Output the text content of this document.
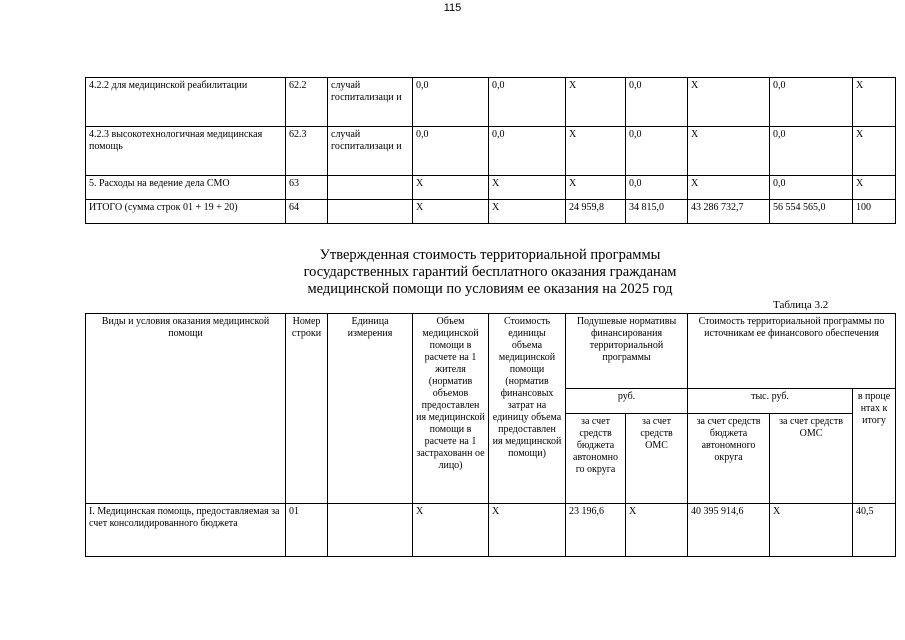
115
4.2.2 для медицинской реабилитации	62.2	случай госпитализаци и	0,0	0,0	Х	0,0	Х	0,0	Х
4.2.3 высокотехнологичная медицинская помощь	62.3	случай госпитализаци и	0,0	0,0	Х	0,0	Х	0,0	Х
5. Расходы на ведение дела СМО	63		Х	Х	Х	0,0	Х	0,0	Х
ИТОГО (сумма строк 01 + 19 + 20)	64		Х	Х	24 959,8	34 815,0	43 286 732,7	56 554 565,0	100
Утвержденная стоимость территориальной программы
государственных гарантий бесплатного оказания гражданам
медицинской помощи по условиям ее оказания на 2025 год
Таблица 3.2
Виды и условия оказания медицинской помощи	Номер строки	Единица измерения	Объем медицинской помощи в расчете на 1 жителя (норматив объемов предоставлен ия медицинской помощи в расчете на 1 застрахованн ое лицо)	Стоимость единицы объема медицинской помощи (норматив финансовых затрат на единицу объема предоставлен ия медицинской помощи)	Подушевые нормативы финансирования территориальной программы		Стоимость территориальной программы по источникам ее финансового обеспечения		
					руб.		тыс. руб.		в проце нтах к итогу
					за счет средств бюджета автономно го округа	за счет средств ОМС	за счет средств бюджета автономного округа	за счет средств ОМС	
I. Медицинская помощь, предоставляемая за счет консолидированного бюджета	01		Х	Х	23 196,6	Х	40 395 914,6	Х	40,5
